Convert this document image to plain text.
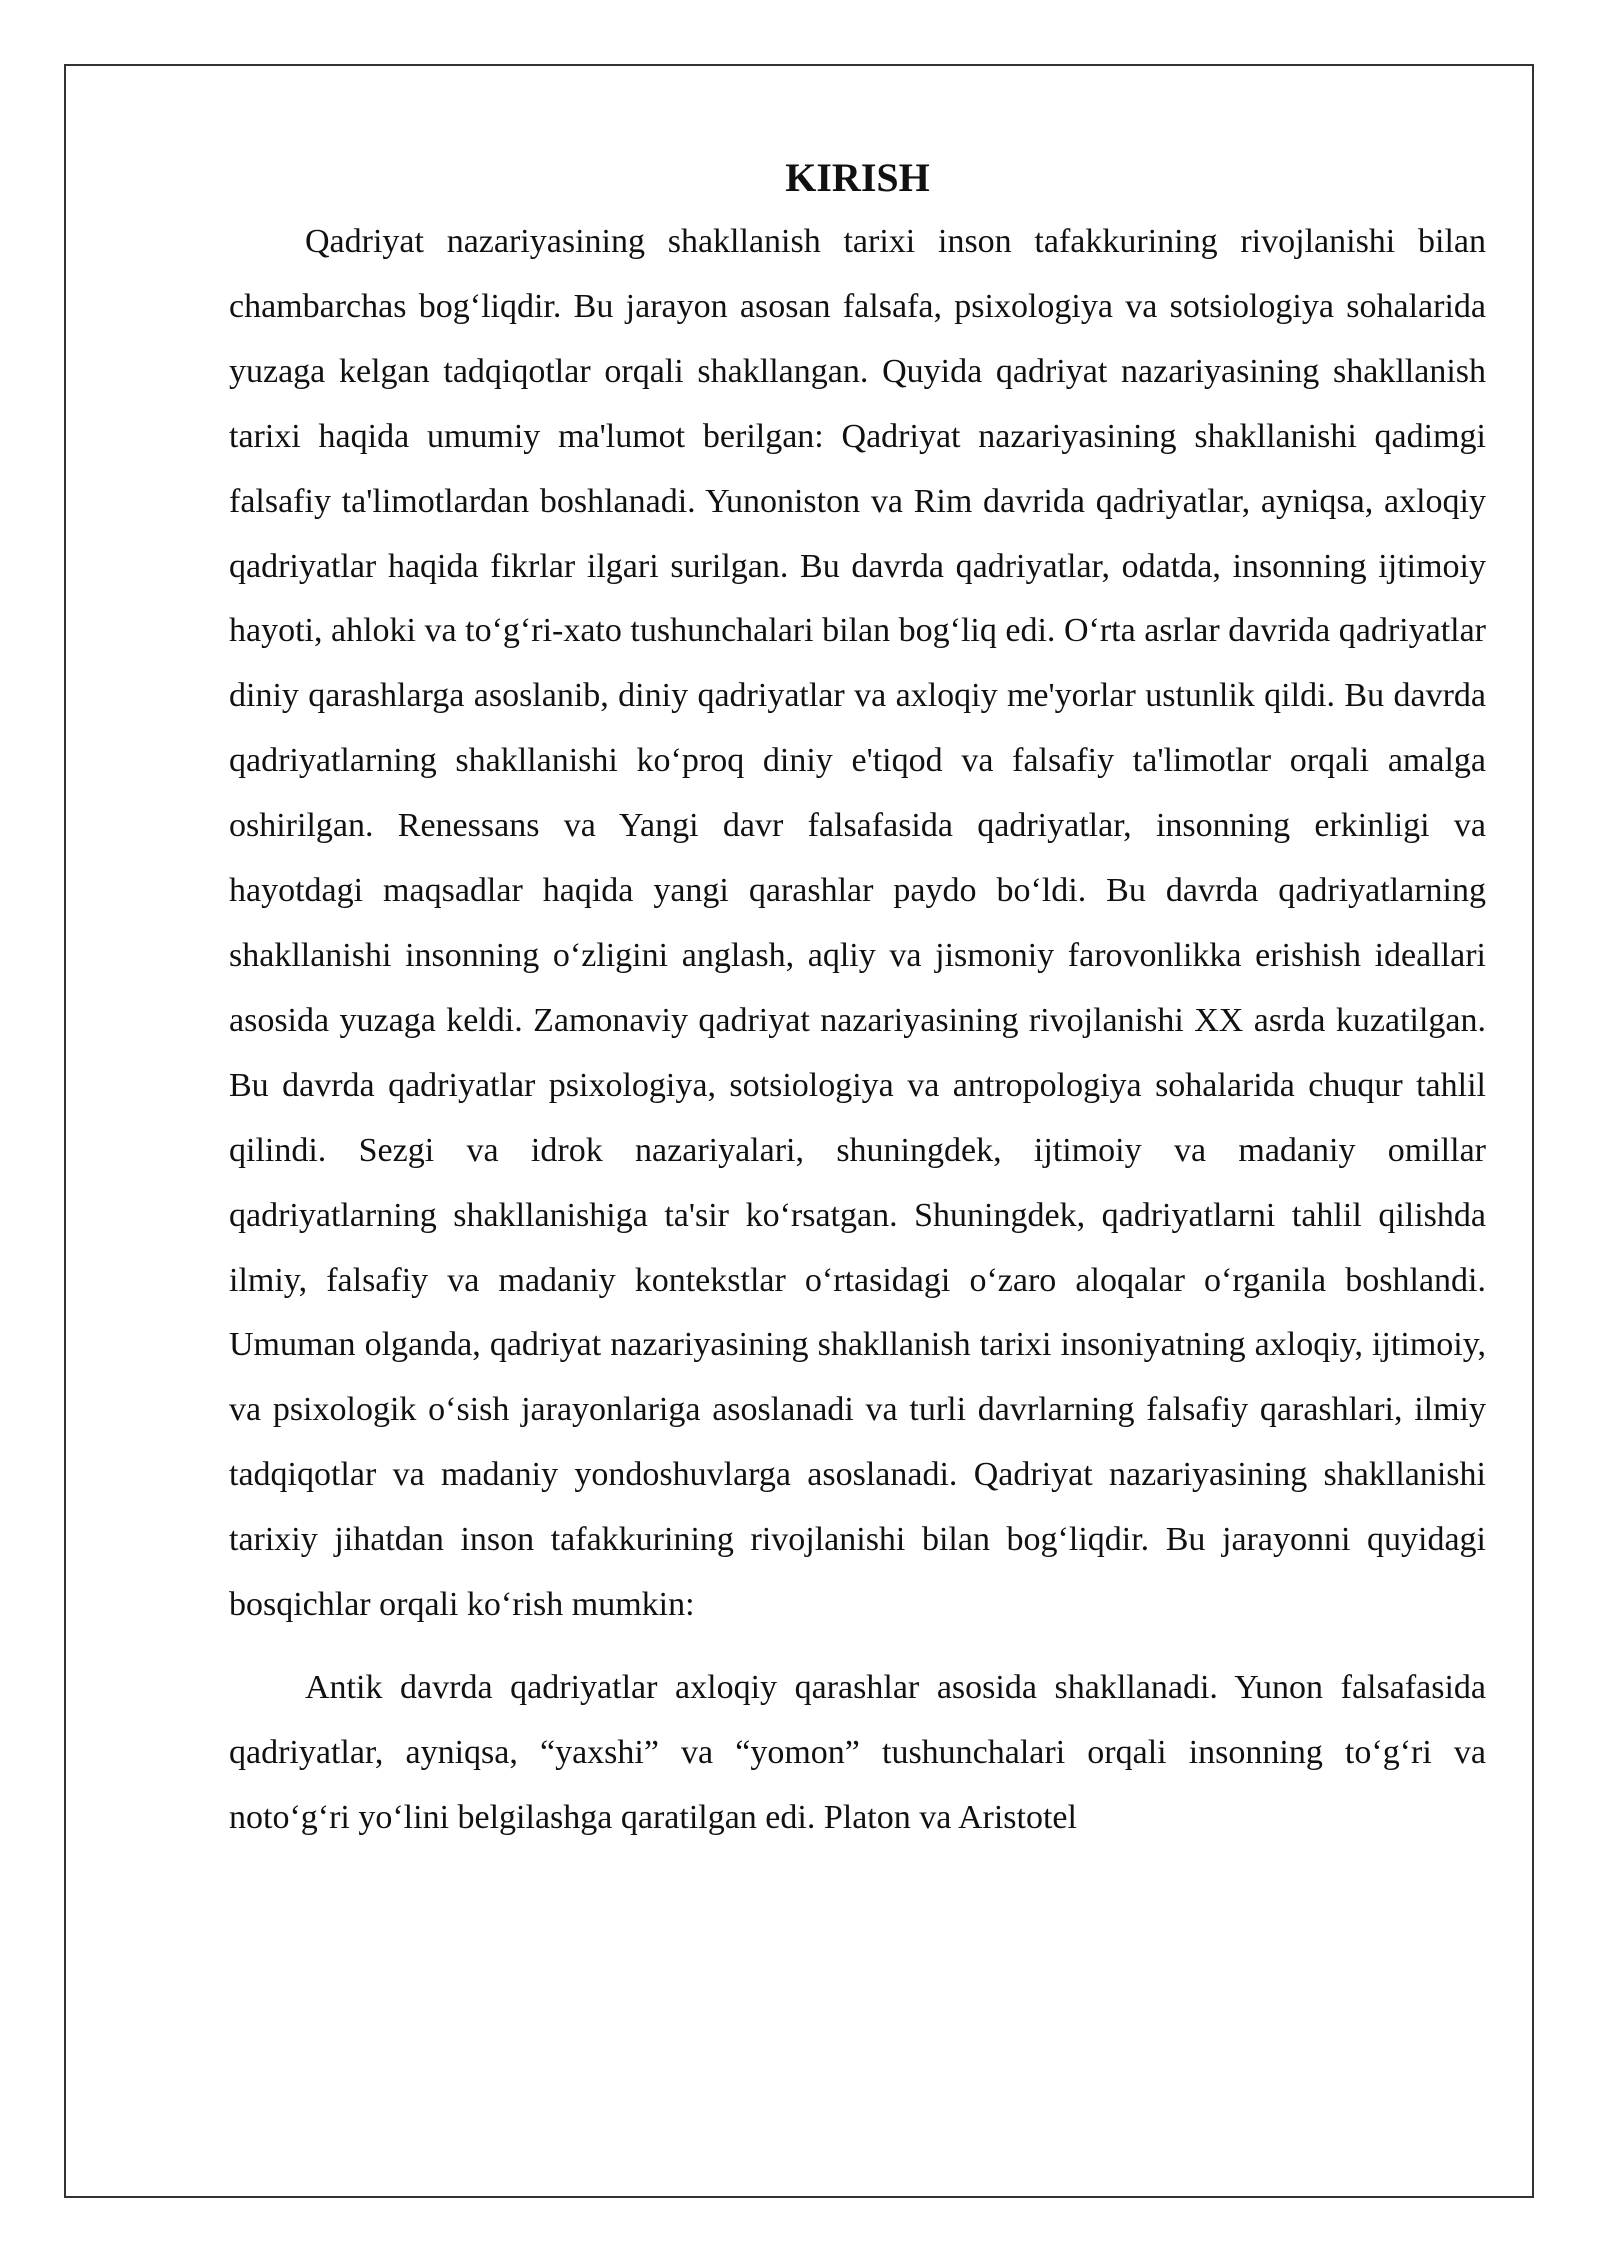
KIRISH

Qadriyat nazariyasining shakllanish tarixi inson tafakkurining rivojlanishi bilan chambarchas bog‘liqdir. Bu jarayon asosan falsafa, psixologiya va sotsiologiya sohalarida yuzaga kelgan tadqiqotlar orqali shakllangan. Quyida qadriyat nazariyasining shakllanish tarixi haqida umumiy ma'lumot berilgan: Qadriyat nazariyasining shakllanishi qadimgi falsafiy ta'limotlardan boshlanadi. Yunoniston va Rim davrida qadriyatlar, ayniqsa, axloqiy qadriyatlar haqida fikrlar ilgari surilgan. Bu davrda qadriyatlar, odatda, insonning ijtimoiy hayoti, ahloki va to‘g‘ri-xato tushunchalari bilan bog‘liq edi. O‘rta asrlar davrida qadriyatlar diniy qarashlarga asoslanib, diniy qadriyatlar va axloqiy me'yorlar ustunlik qildi. Bu davrda qadriyatlarning shakllanishi ko‘proq diniy e'tiqod va falsafiy ta'limotlar orqali amalga oshirilgan. Renessans va Yangi davr falsafasida qadriyatlar, insonning erkinligi va hayotdagi maqsadlar haqida yangi qarashlar paydo bo‘ldi. Bu davrda qadriyatlarning shakllanishi insonning o‘zligini anglash, aqliy va jismoniy farovonlikka erishish ideallari asosida yuzaga keldi. Zamonaviy qadriyat nazariyasining rivojlanishi XX asrda kuzatilgan. Bu davrda qadriyatlar psixologiya, sotsiologiya va antropologiya sohalarida chuqur tahlil qilindi. Sezgi va idrok nazariyalari, shuningdek, ijtimoiy va madaniy omillar qadriyatlarning shakllanishiga ta'sir ko‘rsatgan. Shuningdek, qadriyatlarni tahlil qilishda ilmiy, falsafiy va madaniy kontekstlar o‘rtasidagi o‘zaro aloqalar o‘rganila boshlandi. Umuman olganda, qadriyat nazariyasining shakllanish tarixi insoniyatning axloqiy, ijtimoiy, va psixologik o‘sish jarayonlariga asoslanadi va turli davrlarning falsafiy qarashlari, ilmiy tadqiqotlar va madaniy yondoshuvlarga asoslanadi. Qadriyat nazariyasining shakllanishi tarixiy jihatdan inson tafakkurining rivojlanishi bilan bog‘liqdir. Bu jarayonni quyidagi bosqichlar orqali ko‘rish mumkin:

Antik davrda qadriyatlar axloqiy qarashlar asosida shakllanadi. Yunon falsafasida qadriyatlar, ayniqsa, “yaxshi” va “yomon” tushunchalari orqali insonning to‘g‘ri va noto‘g‘ri yo‘lini belgilashga qaratilgan edi. Platon va Aristotel
